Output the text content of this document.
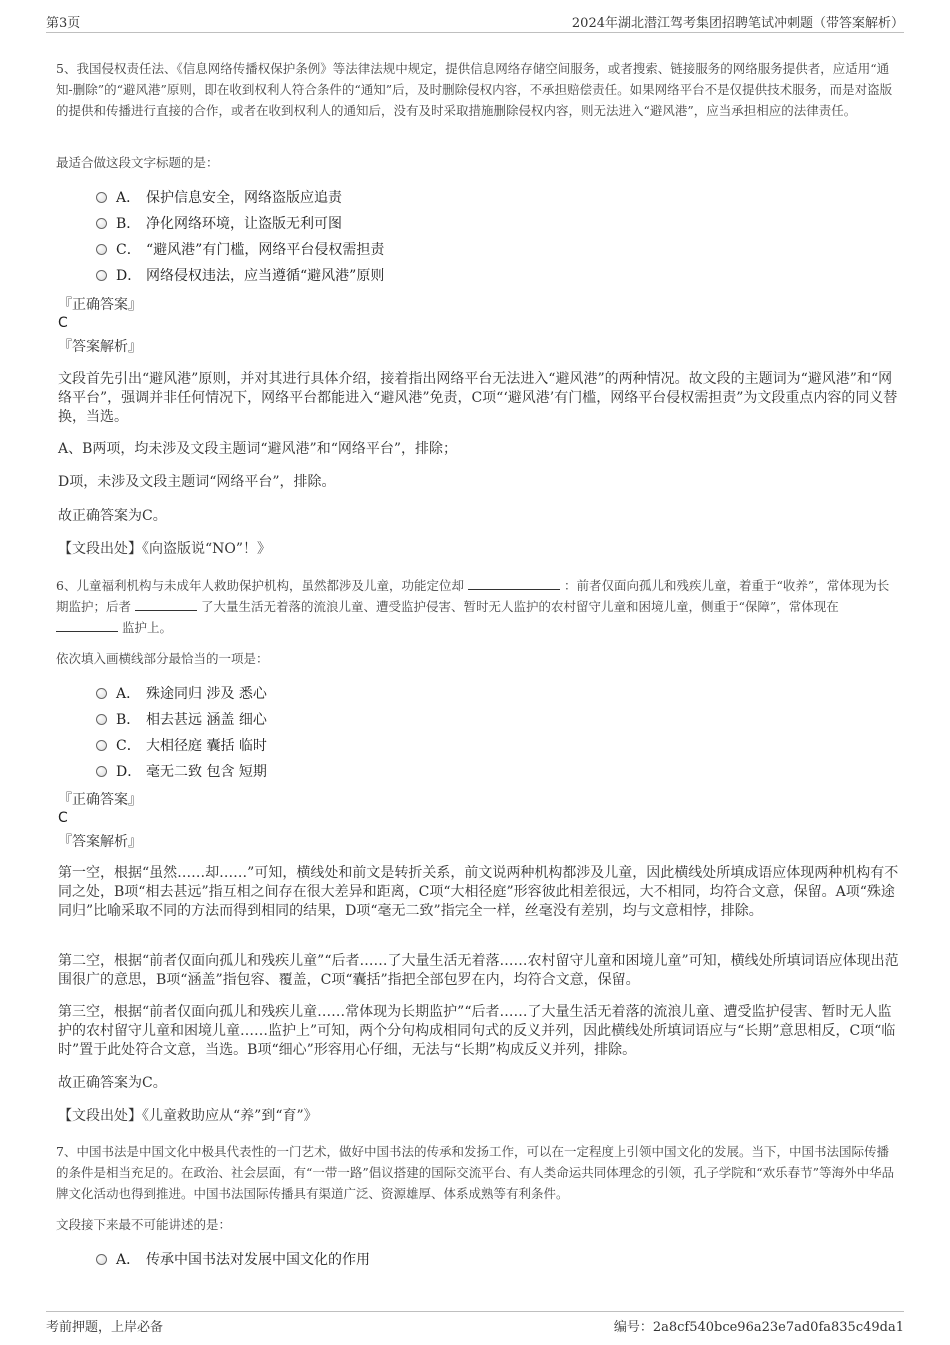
第3页	2024年湖北潜江驾考集团招聘笔试冲刺题（带答案解析）
5、我国侵权责任法、《信息网络传播权保护条例》等法律法规中规定，提供信息网络存储空间服务，或者搜索、链接服务的网络服务提供者，应适用“通知-删除”的“避风港”原则，即在收到权利人符合条件的“通知”后，及时删除侵权内容，不承担赔偿责任。如果网络平台不是仅提供技术服务，而是对盗版的提供和传播进行直接的合作，或者在收到权利人的通知后，没有及时采取措施删除侵权内容，则无法进入“避风港”，应当承担相应的法律责任。
最适合做这段文字标题的是：
A． 保护信息安全，网络盗版应追责
B． 净化网络环境，让盗版无利可图
C． “避风港”有门槛，网络平台侵权需担责
D． 网络侵权违法，应当遵循“避风港”原则
『正确答案』
C
『答案解析』
文段首先引出“避风港”原则，并对其进行具体介绍，接着指出网络平台无法进入“避风港”的两种情况。故文段的主题词为“避风港”和“网络平台”，强调并非任何情况下，网络平台都能进入“避风港”免责，C项“‘避风港’有门槛，网络平台侵权需担责”为文段重点内容的同义替换，当选。
A、B两项，均未涉及文段主题词“避风港”和“网络平台”，排除；
D项，未涉及文段主题词“网络平台”，排除。
故正确答案为C。
【文段出处】《向盗版说“NO”！》
6、儿童福利机构与未成年人救助保护机构，虽然都涉及儿童，功能定位却	：前者仅面向孤儿和残疾儿童，着重于“收养”，常体现为长期监护；后者	了大量生活无着落的流浪儿童、遭受监护侵害、暂时无人监护的农村留守儿童和困境儿童，侧重于“保障”，常体现在  监护上。
依次填入画横线部分最恰当的一项是：
A． 殊途同归 涉及 悉心
B． 相去甚远 涵盖 细心
C． 大相径庭 囊括 临时
D． 毫无二致 包含 短期
『正确答案』
C
『答案解析』
第一空，根据“虽然……却……”可知，横线处和前文是转折关系，前文说两种机构都涉及儿童，因此横线处所填成语应体现两种机构有不同之处，B项“相去甚远”指互相之间存在很大差异和距离，C项“大相径庭”形容彼此相差很远，大不相同，均符合文意，保留。A项“殊途同归”比喻采取不同的方法而得到相同的结果，D项“毫无二致”指完全一样，丝毫没有差别，均与文意相悖，排除。
第二空，根据“前者仅面向孤儿和残疾儿童”“后者……了大量生活无着落……农村留守儿童和困境儿童”可知，横线处所填词语应体现出范围很广的意思，B项“涵盖”指包容、覆盖，C项“囊括”指把全部包罗在内，均符合文意，保留。
第三空，根据“前者仅面向孤儿和残疾儿童……常体现为长期监护”“后者……了大量生活无着落的流浪儿童、遭受监护侵害、暂时无人监护的农村留守儿童和困境儿童……监护上”可知，两个分句构成相同句式的反义并列，因此横线处所填词语应与“长期”意思相反，C项“临时”置于此处符合文意，当选。B项“细心”形容用心仔细，无法与“长期”构成反义并列，排除。
故正确答案为C。
【文段出处】《儿童救助应从“养”到“育”》
7、中国书法是中国文化中极具代表性的一门艺术，做好中国书法的传承和发扬工作，可以在一定程度上引领中国文化的发展。当下，中国书法国际传播的条件是相当充足的。在政治、社会层面，有“一带一路”倡议搭建的国际交流平台、有人类命运共同体理念的引领，孔子学院和“欢乐春节”等海外中华品牌文化活动也得到推进。中国书法国际传播具有渠道广泛、资源雄厚、体系成熟等有利条件。
文段接下来最不可能讲述的是：
A． 传承中国书法对发展中国文化的作用
考前押题，上岸必备	编号：2a8cf540bce96a23e7ad0fa835c49da1
